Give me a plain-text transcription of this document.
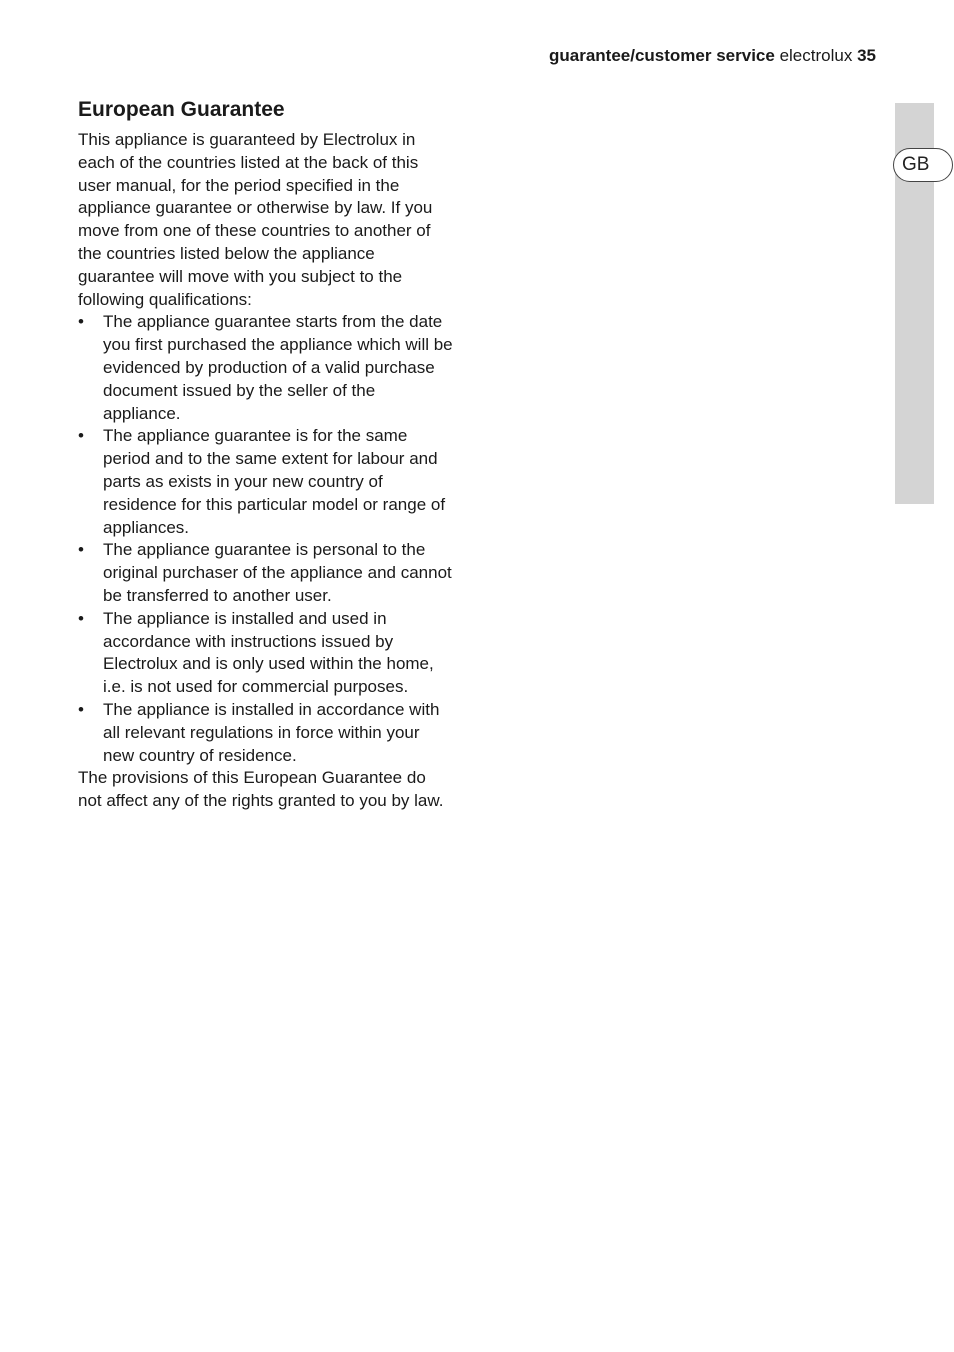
guarantee/customer service electrolux 35
GB
European Guarantee

This appliance is guaranteed by Electrolux in each of the countries listed at the back of this user manual, for the period specified in the appliance guarantee or otherwise by law. If you move from one of these countries to another of the countries listed below the appliance guarantee will move with you subject to the following qualifications:

• The appliance guarantee starts from the date you first purchased the appliance which will be evidenced by production of a valid purchase document issued by the seller of the appliance.
• The appliance guarantee is for the same period and to the same extent for labour and parts as exists in your new country of residence for this particular model or range of appliances.
• The appliance guarantee is personal to the original purchaser of the appliance and cannot be transferred to another user.
• The appliance is installed and used in accordance with instructions issued by Electrolux and is only used within the home, i.e. is not used for commercial purposes.
• The appliance is installed in accordance with all relevant regulations in force within your new country of residence.

The provisions of this European Guarantee do not affect any of the rights granted to you by law.
